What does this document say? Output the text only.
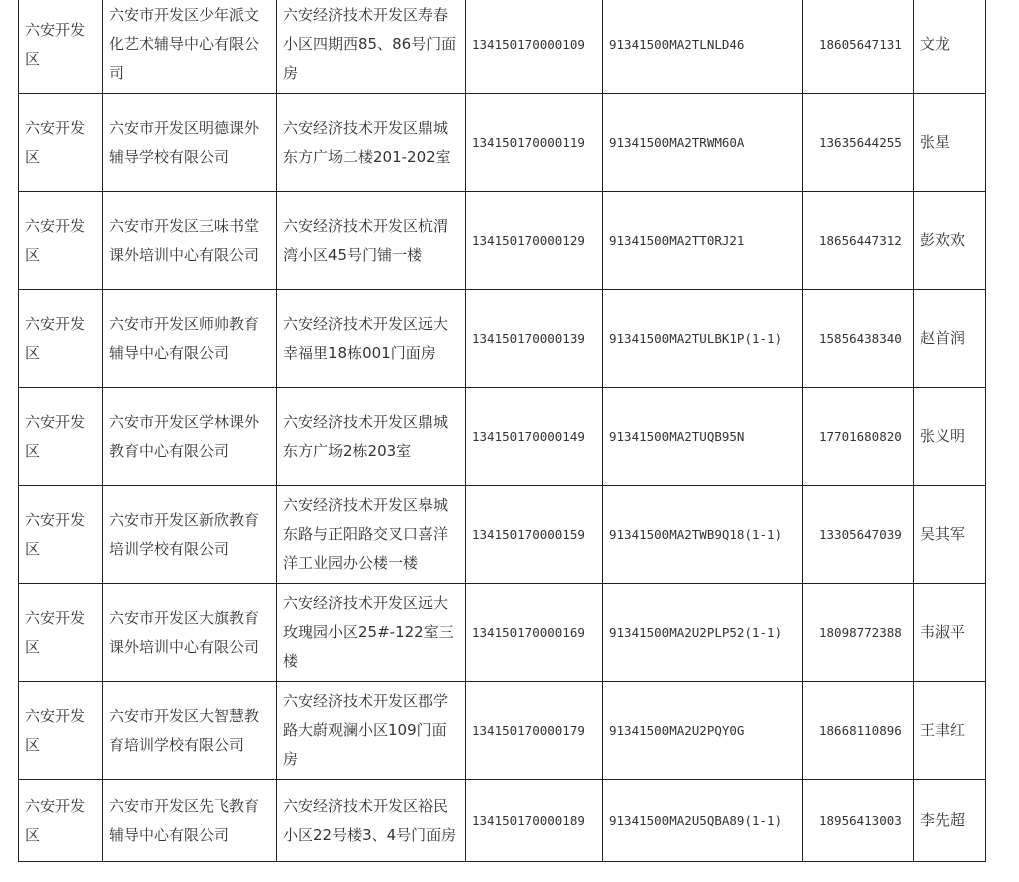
六安开发区	六安市开发区少年派文化艺术辅导中心有限公司	六安经济技术开发区寿春小区四期西85、86号门面房	134150170000109	91341500MA2TLNLD46	18605647131	文龙
六安开发区	六安市开发区明德课外辅导学校有限公司	六安经济技术开发区鼎城东方广场二楼201-202室	134150170000119	91341500MA2TRWM60A	13635644255	张星
六安开发区	六安市开发区三味书堂课外培训中心有限公司	六安经济技术开发区杭渭湾小区45号门铺一楼	134150170000129	91341500MA2TT0RJ21	18656447312	彭欢欢
六安开发区	六安市开发区师帅教育辅导中心有限公司	六安经济技术开发区远大幸福里18栋001门面房	134150170000139	91341500MA2TULBK1P(1-1)	15856438340	赵首润
六安开发区	六安市开发区学林课外教育中心有限公司	六安经济技术开发区鼎城东方广场2栋203室	134150170000149	91341500MA2TUQB95N	17701680820	张义明
六安开发区	六安市开发区新欣教育培训学校有限公司	六安经济技术开发区皋城东路与正阳路交叉口喜洋洋工业园办公楼一楼	134150170000159	91341500MA2TWB9Q18(1-1)	13305647039	吴其军
六安开发区	六安市开发区大旗教育课外培训中心有限公司	六安经济技术开发区远大玫瑰园小区25#-122室三楼	134150170000169	91341500MA2U2PLP52(1-1)	18098772388	韦淑平
六安开发区	六安市开发区大智慧教育培训学校有限公司	六安经济技术开发区郡学路大蔚观澜小区109门面房	134150170000179	91341500MA2U2PQY0G	18668110896	王聿红
六安开发区	六安市开发区先飞教育辅导中心有限公司	六安经济技术开发区裕民小区22号楼3、4号门面房	134150170000189	91341500MA2U5QBA89(1-1)	18956413003	李先超
